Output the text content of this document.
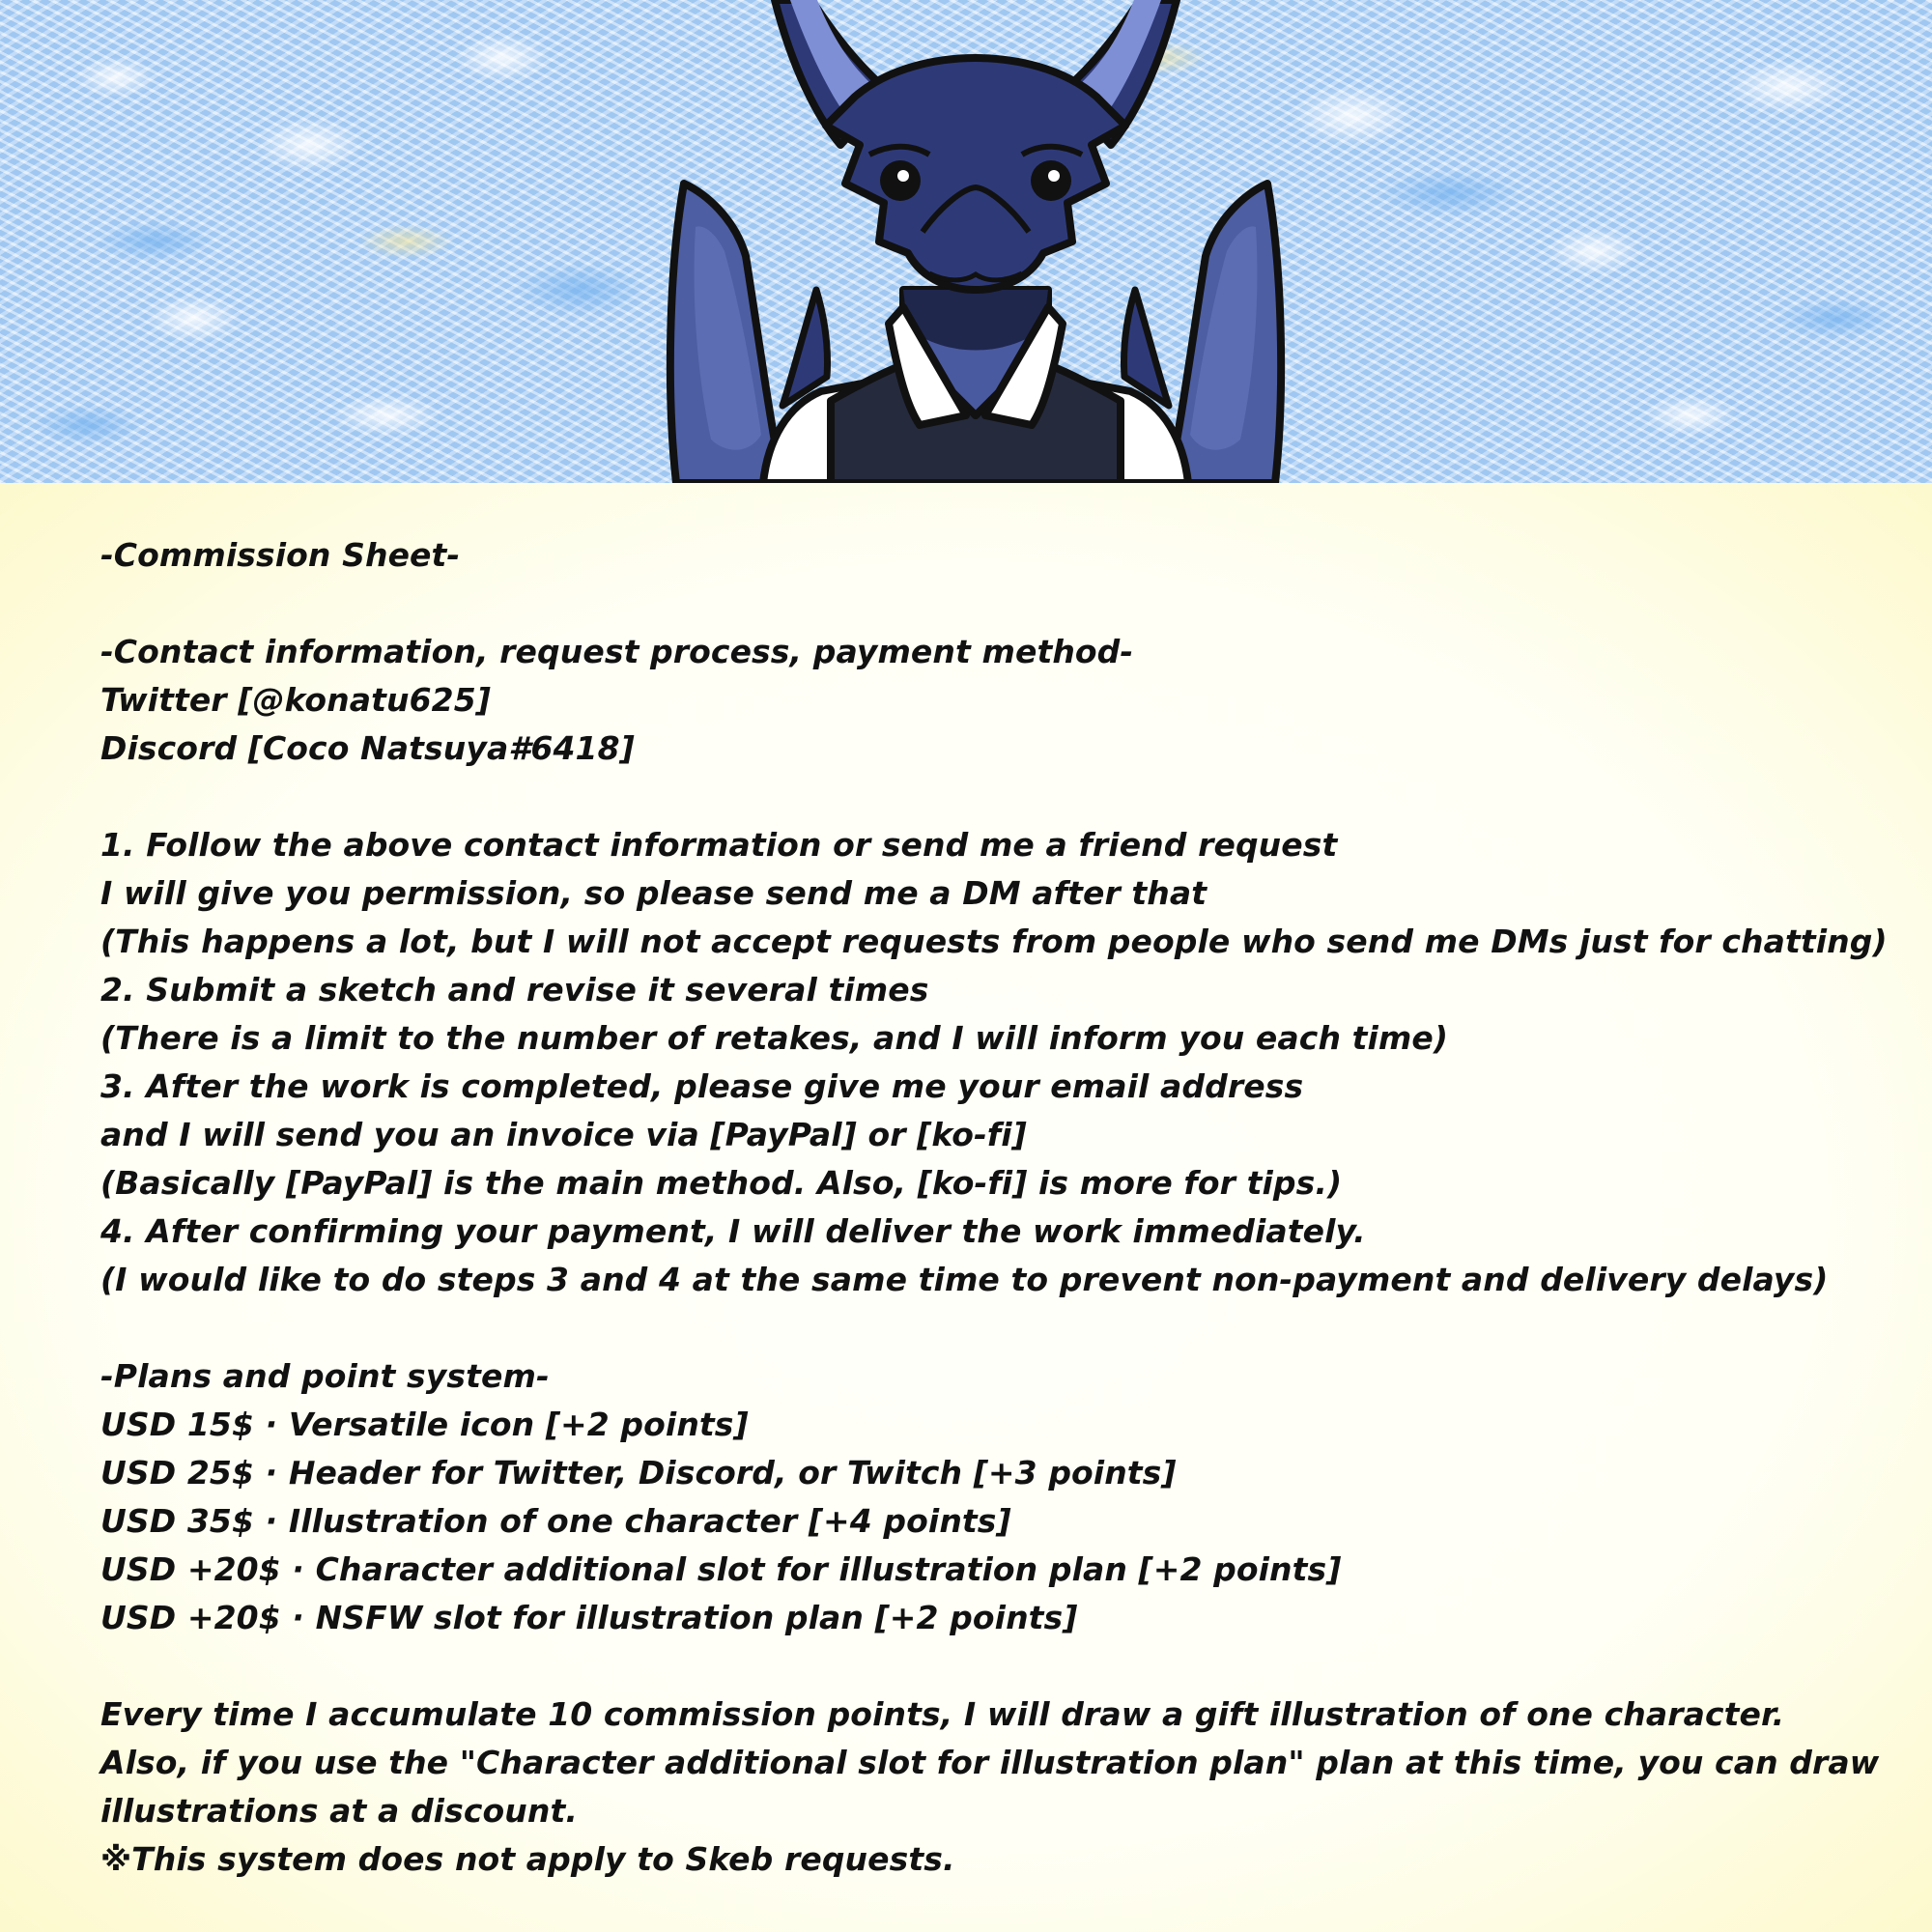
-Commission Sheet-
-Contact information, request process, payment method-
Twitter [@konatu625]
Discord [Coco Natsuya#6418]
1. Follow the above contact information or send me a friend request
I will give you permission, so please send me a DM after that
(This happens a lot, but I will not accept requests from people who send me DMs just for chatting)
2. Submit a sketch and revise it several times
(There is a limit to the number of retakes, and I will inform you each time)
3. After the work is completed, please give me your email address
and I will send you an invoice via [PayPal] or [ko-fi]
(Basically [PayPal] is the main method. Also, [ko-fi] is more for tips.)
4. After confirming your payment, I will deliver the work immediately.
(I would like to do steps 3 and 4 at the same time to prevent non-payment and delivery delays)
-Plans and point system-
USD 15$ · Versatile icon [+2 points]
USD 25$ · Header for Twitter, Discord, or Twitch [+3 points]
USD 35$ · Illustration of one character [+4 points]
USD +20$ · Character additional slot for illustration plan [+2 points]
USD +20$ · NSFW slot for illustration plan [+2 points]
Every time I accumulate 10 commission points, I will draw a gift illustration of one character.
Also, if you use the "Character additional slot for illustration plan" plan at this time, you can draw
illustrations at a discount.
※This system does not apply to Skeb requests.
